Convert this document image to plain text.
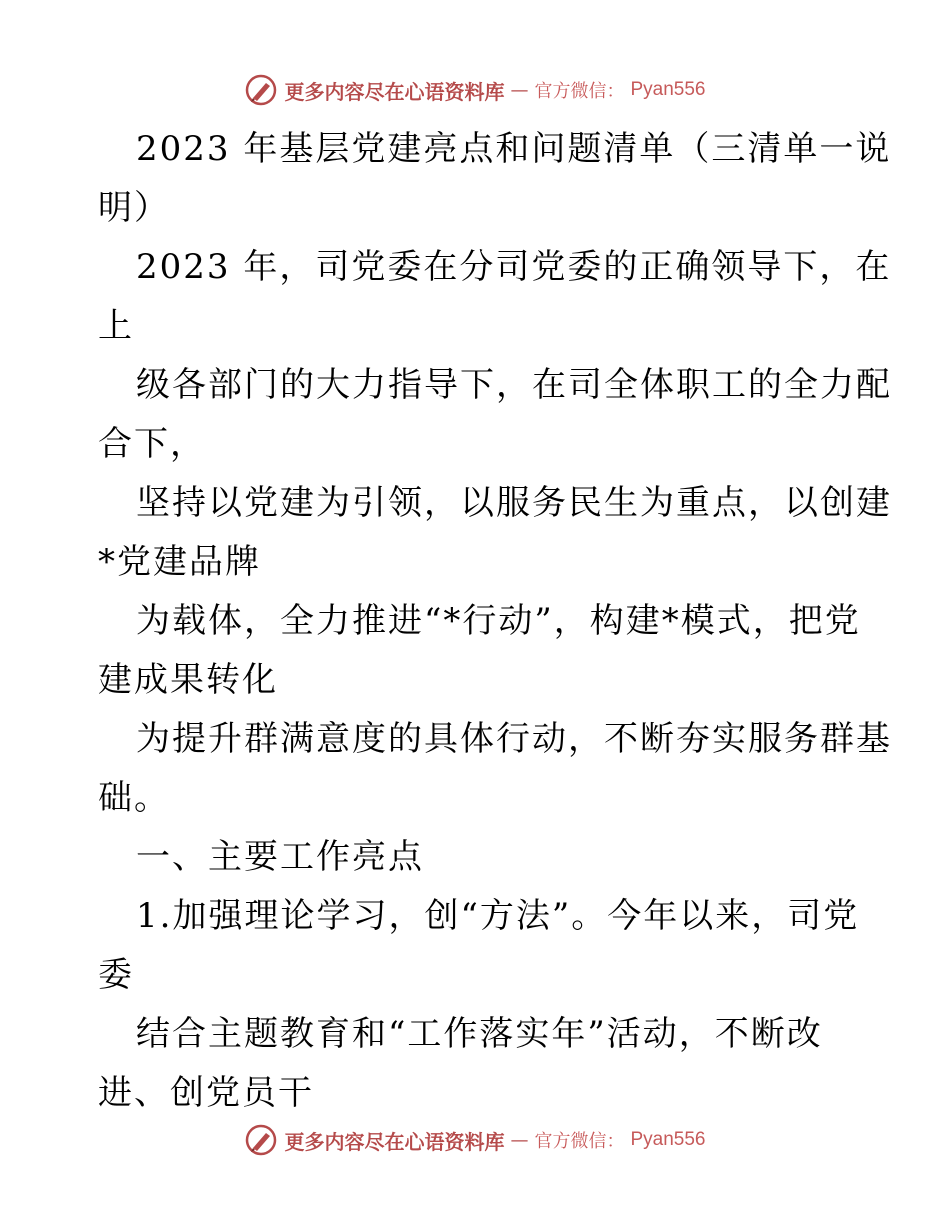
更多内容尽在心语资料库 — 官方微信： Pyan556
2023 年基层党建亮点和问题清单（三清单一说
明）
2023 年，司党委在分司党委的正确领导下，在
上
级各部门的大力指导下，在司全体职工的全力配
合下，
坚持以党建为引领，以服务民生为重点，以创建
*党建品牌
为载体，全力推进“*行动”，构建*模式，把党
建成果转化
为提升群满意度的具体行动，不断夯实服务群基
础。
一、主要工作亮点
1.加强理论学习，创“方法”。今年以来，司党
委
结合主题教育和“工作落实年”活动，不断改
进、创党员干
更多内容尽在心语资料库 — 官方微信： Pyan556
